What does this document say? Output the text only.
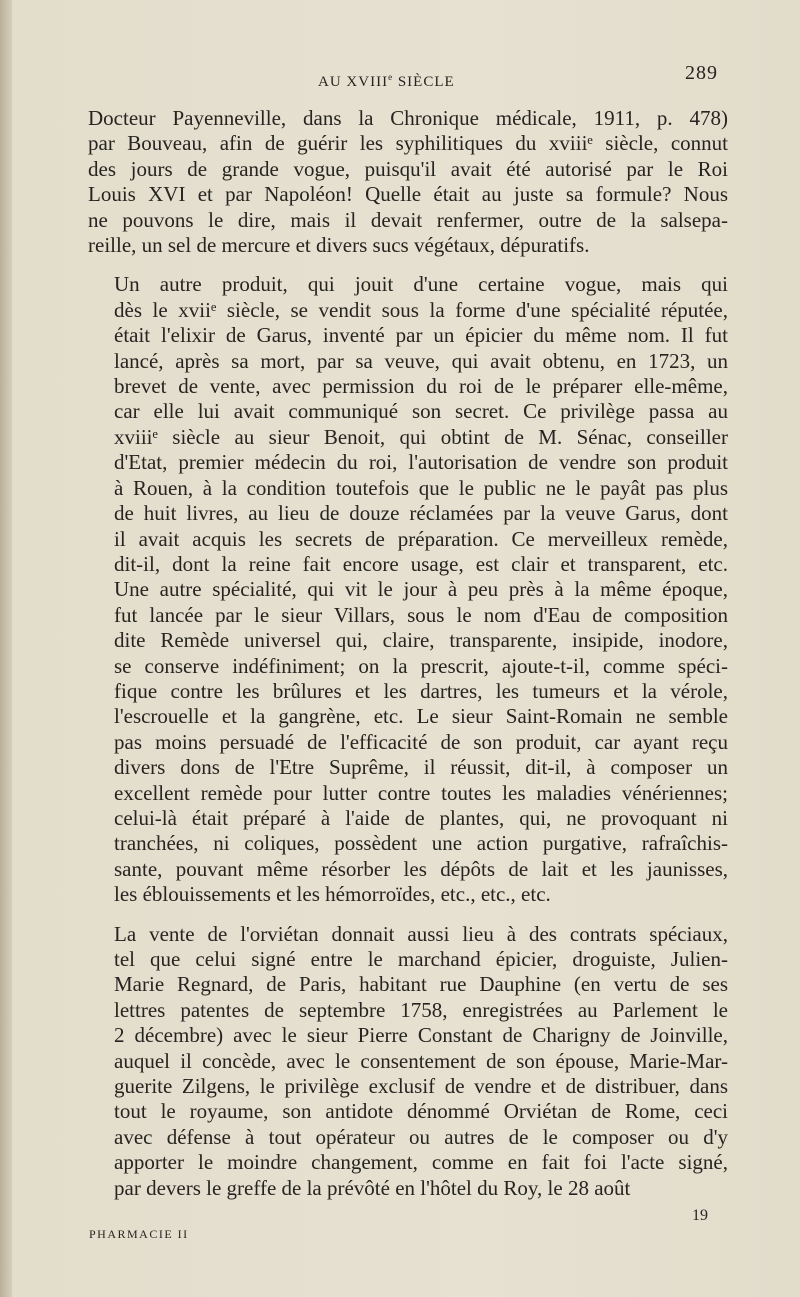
AU XVIIIe SIÈCLE	289
Docteur Payenneville, dans la Chronique médicale, 1911, p. 478)
par Bouveau, afin de guérir les syphilitiques du xviiiᵉ siècle, connut
des jours de grande vogue, puisqu'il avait été autorisé par le Roi
Louis XVI et par Napoléon! Quelle était au juste sa formule? Nous
ne pouvons le dire, mais il devait renfermer, outre de la salsepa-
reille, un sel de mercure et divers sucs végétaux, dépuratifs.
Un autre produit, qui jouit d'une certaine vogue, mais qui
dès le xviiᵉ siècle, se vendit sous la forme d'une spécialité réputée,
était l'elixir de Garus, inventé par un épicier du même nom. Il fut
lancé, après sa mort, par sa veuve, qui avait obtenu, en 1723, un
brevet de vente, avec permission du roi de le préparer elle-même,
car elle lui avait communiqué son secret. Ce privilège passa au
xviiiᵉ siècle au sieur Benoit, qui obtint de M. Sénac, conseiller
d'Etat, premier médecin du roi, l'autorisation de vendre son produit
à Rouen, à la condition toutefois que le public ne le payât pas plus
de huit livres, au lieu de douze réclamées par la veuve Garus, dont
il avait acquis les secrets de préparation. Ce merveilleux remède,
dit-il, dont la reine fait encore usage, est clair et transparent, etc.
Une autre spécialité, qui vit le jour à peu près à la même époque,
fut lancée par le sieur Villars, sous le nom d'Eau de composition
dite Remède universel qui, claire, transparente, insipide, inodore,
se conserve indéfiniment; on la prescrit, ajoute-t-il, comme spéci-
fique contre les brûlures et les dartres, les tumeurs et la vérole,
l'escrouelle et la gangrène, etc. Le sieur Saint-Romain ne semble
pas moins persuadé de l'efficacité de son produit, car ayant reçu
divers dons de l'Etre Suprême, il réussit, dit-il, à composer un
excellent remède pour lutter contre toutes les maladies vénériennes;
celui-là était préparé à l'aide de plantes, qui, ne provoquant ni
tranchées, ni coliques, possèdent une action purgative, rafraîchis-
sante, pouvant même résorber les dépôts de lait et les jaunisses,
les éblouissements et les hémorroïdes, etc., etc., etc.
La vente de l'orviétan donnait aussi lieu à des contrats spéciaux,
tel que celui signé entre le marchand épicier, droguiste, Julien-
Marie Regnard, de Paris, habitant rue Dauphine (en vertu de ses
lettres patentes de septembre 1758, enregistrées au Parlement le
2 décembre) avec le sieur Pierre Constant de Charigny de Joinville,
auquel il concède, avec le consentement de son épouse, Marie-Mar-
guerite Zilgens, le privilège exclusif de vendre et de distribuer, dans
tout le royaume, son antidote dénommé Orviétan de Rome, ceci
avec défense à tout opérateur ou autres de le composer ou d'y
apporter le moindre changement, comme en fait foi l'acte signé,
par devers le greffe de la prévôté en l'hôtel du Roy, le 28 août
19
PHARMACIE II
